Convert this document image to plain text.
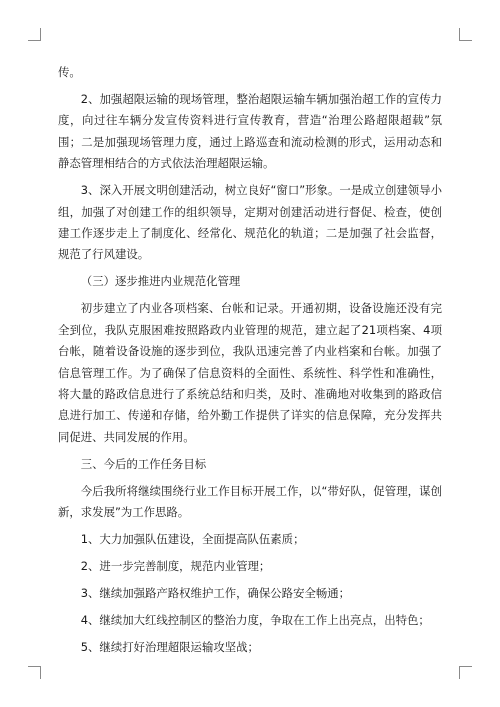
传。

2、加强超限运输的现场管理，整治超限运输车辆加强治超工作的宣传力度，向过往车辆分发宣传资料进行宣传教育，营造“治理公路超限超载”氛围；二是加强现场管理力度，通过上路巡查和流动检测的形式，运用动态和静态管理相结合的方式依法治理超限运输。

3、深入开展文明创建活动，树立良好“窗口”形象。一是成立创建领导小组，加强了对创建工作的组织领导，定期对创建活动进行督促、检查，使创建工作逐步走上了制度化、经常化、规范化的轨道；二是加强了社会监督，规范了行风建设。

（三）逐步推进内业规范化管理

初步建立了内业各项档案、台帐和记录。开通初期，设备设施还没有完全到位，我队克服困难按照路政内业管理的规范，建立起了21项档案、4项台帐，随着设备设施的逐步到位，我队迅速完善了内业档案和台帐。加强了信息管理工作。为了确保了信息资料的全面性、系统性、科学性和准确性，将大量的路政信息进行了系统总结和归类，及时、准确地对收集到的路政信息进行加工、传递和存储，给外勤工作提供了详实的信息保障，充分发挥共同促进、共同发展的作用。

三、今后的工作任务目标

今后我所将继续围绕行业工作目标开展工作，以“带好队，促管理，谋创新，求发展”为工作思路。

1、大力加强队伍建设，全面提高队伍素质；

2、进一步完善制度，规范内业管理；

3、继续加强路产路权维护工作，确保公路安全畅通；

4、继续加大红线控制区的整治力度，争取在工作上出亮点，出特色；

5、继续打好治理超限运输攻坚战；
